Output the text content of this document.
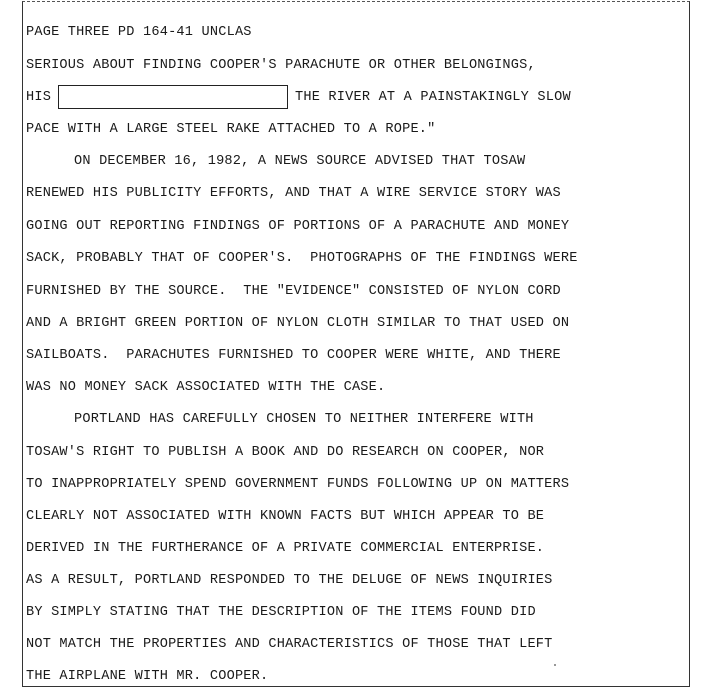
PAGE THREE PD 164-41 UNCLAS
SERIOUS ABOUT FINDING COOPER'S PARACHUTE OR OTHER BELONGINGS,
HIS	THE RIVER AT A PAINSTAKINGLY SLOW
PACE WITH A LARGE STEEL RAKE ATTACHED TO A ROPE."
ON DECEMBER 16, 1982, A NEWS SOURCE ADVISED THAT TOSAW
RENEWED HIS PUBLICITY EFFORTS, AND THAT A WIRE SERVICE STORY WAS
GOING OUT REPORTING FINDINGS OF PORTIONS OF A PARACHUTE AND MONEY
SACK, PROBABLY THAT OF COOPER'S.  PHOTOGRAPHS OF THE FINDINGS WERE
FURNISHED BY THE SOURCE.  THE "EVIDENCE" CONSISTED OF NYLON CORD
AND A BRIGHT GREEN PORTION OF NYLON CLOTH SIMILAR TO THAT USED ON
SAILBOATS.  PARACHUTES FURNISHED TO COOPER WERE WHITE, AND THERE
WAS NO MONEY SACK ASSOCIATED WITH THE CASE.
PORTLAND HAS CAREFULLY CHOSEN TO NEITHER INTERFERE WITH
TOSAW'S RIGHT TO PUBLISH A BOOK AND DO RESEARCH ON COOPER, NOR
TO INAPPROPRIATELY SPEND GOVERNMENT FUNDS FOLLOWING UP ON MATTERS
CLEARLY NOT ASSOCIATED WITH KNOWN FACTS BUT WHICH APPEAR TO BE
DERIVED IN THE FURTHERANCE OF A PRIVATE COMMERCIAL ENTERPRISE.
AS A RESULT, PORTLAND RESPONDED TO THE DELUGE OF NEWS INQUIRIES
BY SIMPLY STATING THAT THE DESCRIPTION OF THE ITEMS FOUND DID
NOT MATCH THE PROPERTIES AND CHARACTERISTICS OF THOSE THAT LEFT
THE AIRPLANE WITH MR. COOPER.
